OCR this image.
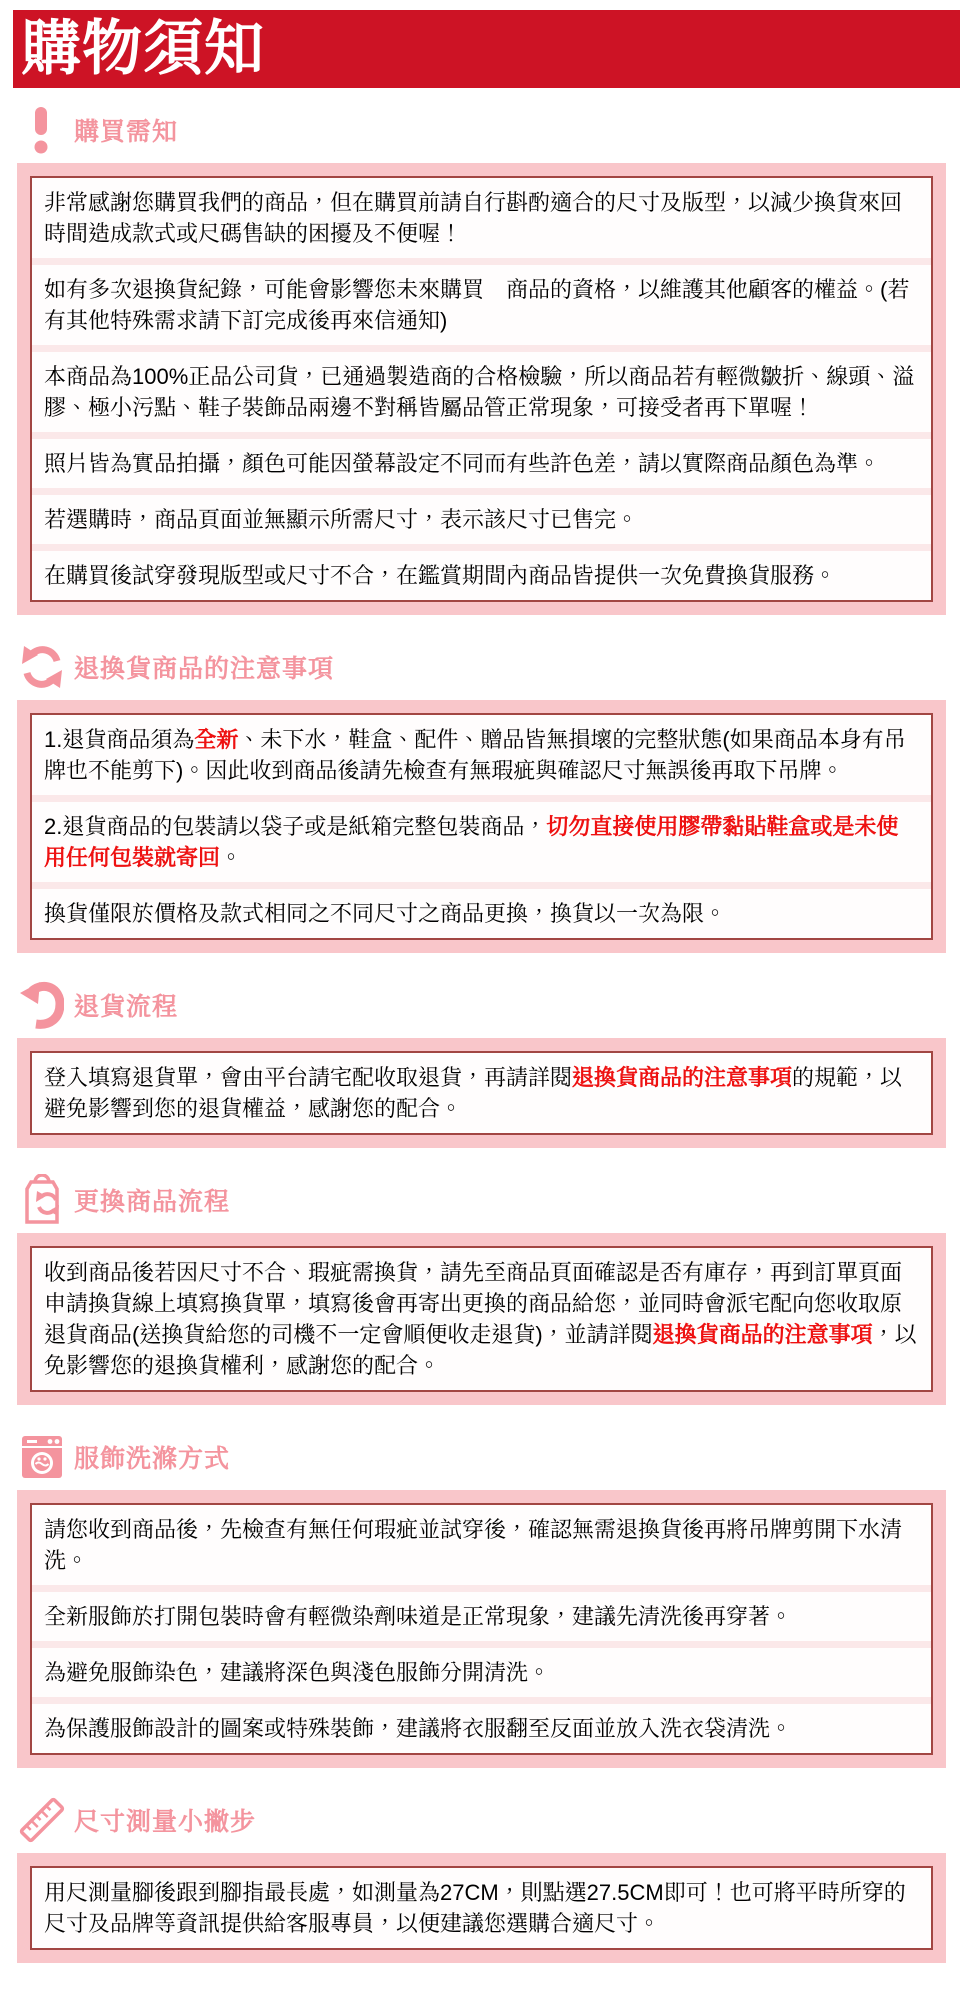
購物須知
購買需知

非常感謝您購買我們的商品，但在購買前請自行斟酌適合的尺寸及版型，以減少換貨來回時間造成款式或尺碼售缺的困擾及不便喔！

如有多次退換貨紀錄，可能會影響您未來購買　商品的資格，以維護其他顧客的權益。(若有其他特殊需求請下訂完成後再來信通知)

本商品為100%正品公司貨，已通過製造商的合格檢驗，所以商品若有輕微皺折、線頭、溢膠、極小污點、鞋子裝飾品兩邊不對稱皆屬品管正常現象，可接受者再下單喔！

照片皆為實品拍攝，顏色可能因螢幕設定不同而有些許色差，請以實際商品顏色為準。

若選購時，商品頁面並無顯示所需尺寸，表示該尺寸已售完。

在購買後試穿發現版型或尺寸不合，在鑑賞期間內商品皆提供一次免費換貨服務。

退換貨商品的注意事項

1.退貨商品須為全新、未下水，鞋盒、配件、贈品皆無損壞的完整狀態(如果商品本身有吊牌也不能剪下)。因此收到商品後請先檢查有無瑕疵與確認尺寸無誤後再取下吊牌。

2.退貨商品的包裝請以袋子或是紙箱完整包裝商品，切勿直接使用膠帶黏貼鞋盒或是未使用任何包裝就寄回。

換貨僅限於價格及款式相同之不同尺寸之商品更換，換貨以一次為限。

退貨流程

登入填寫退貨單，會由平台請宅配收取退貨，再請詳閱退換貨商品的注意事項的規範，以避免影響到您的退貨權益，感謝您的配合。

更換商品流程

收到商品後若因尺寸不合、瑕疵需換貨，請先至商品頁面確認是否有庫存，再到訂單頁面申請換貨線上填寫換貨單，填寫後會再寄出更換的商品給您，並同時會派宅配向您收取原退貨商品(送換貨給您的司機不一定會順便收走退貨)，並請詳閱退換貨商品的注意事項，以免影響您的退換貨權利，感謝您的配合。

服飾洗滌方式

請您收到商品後，先檢查有無任何瑕疵並試穿後，確認無需退換貨後再將吊牌剪開下水清洗。

全新服飾於打開包裝時會有輕微染劑味道是正常現象，建議先清洗後再穿著。

為避免服飾染色，建議將深色與淺色服飾分開清洗。

為保護服飾設計的圖案或特殊裝飾，建議將衣服翻至反面並放入洗衣袋清洗。

尺寸測量小撇步

用尺測量腳後跟到腳指最長處，如測量為27CM，則點選27.5CM即可！也可將平時所穿的尺寸及品牌等資訊提供給客服專員，以便建議您選購合適尺寸。
